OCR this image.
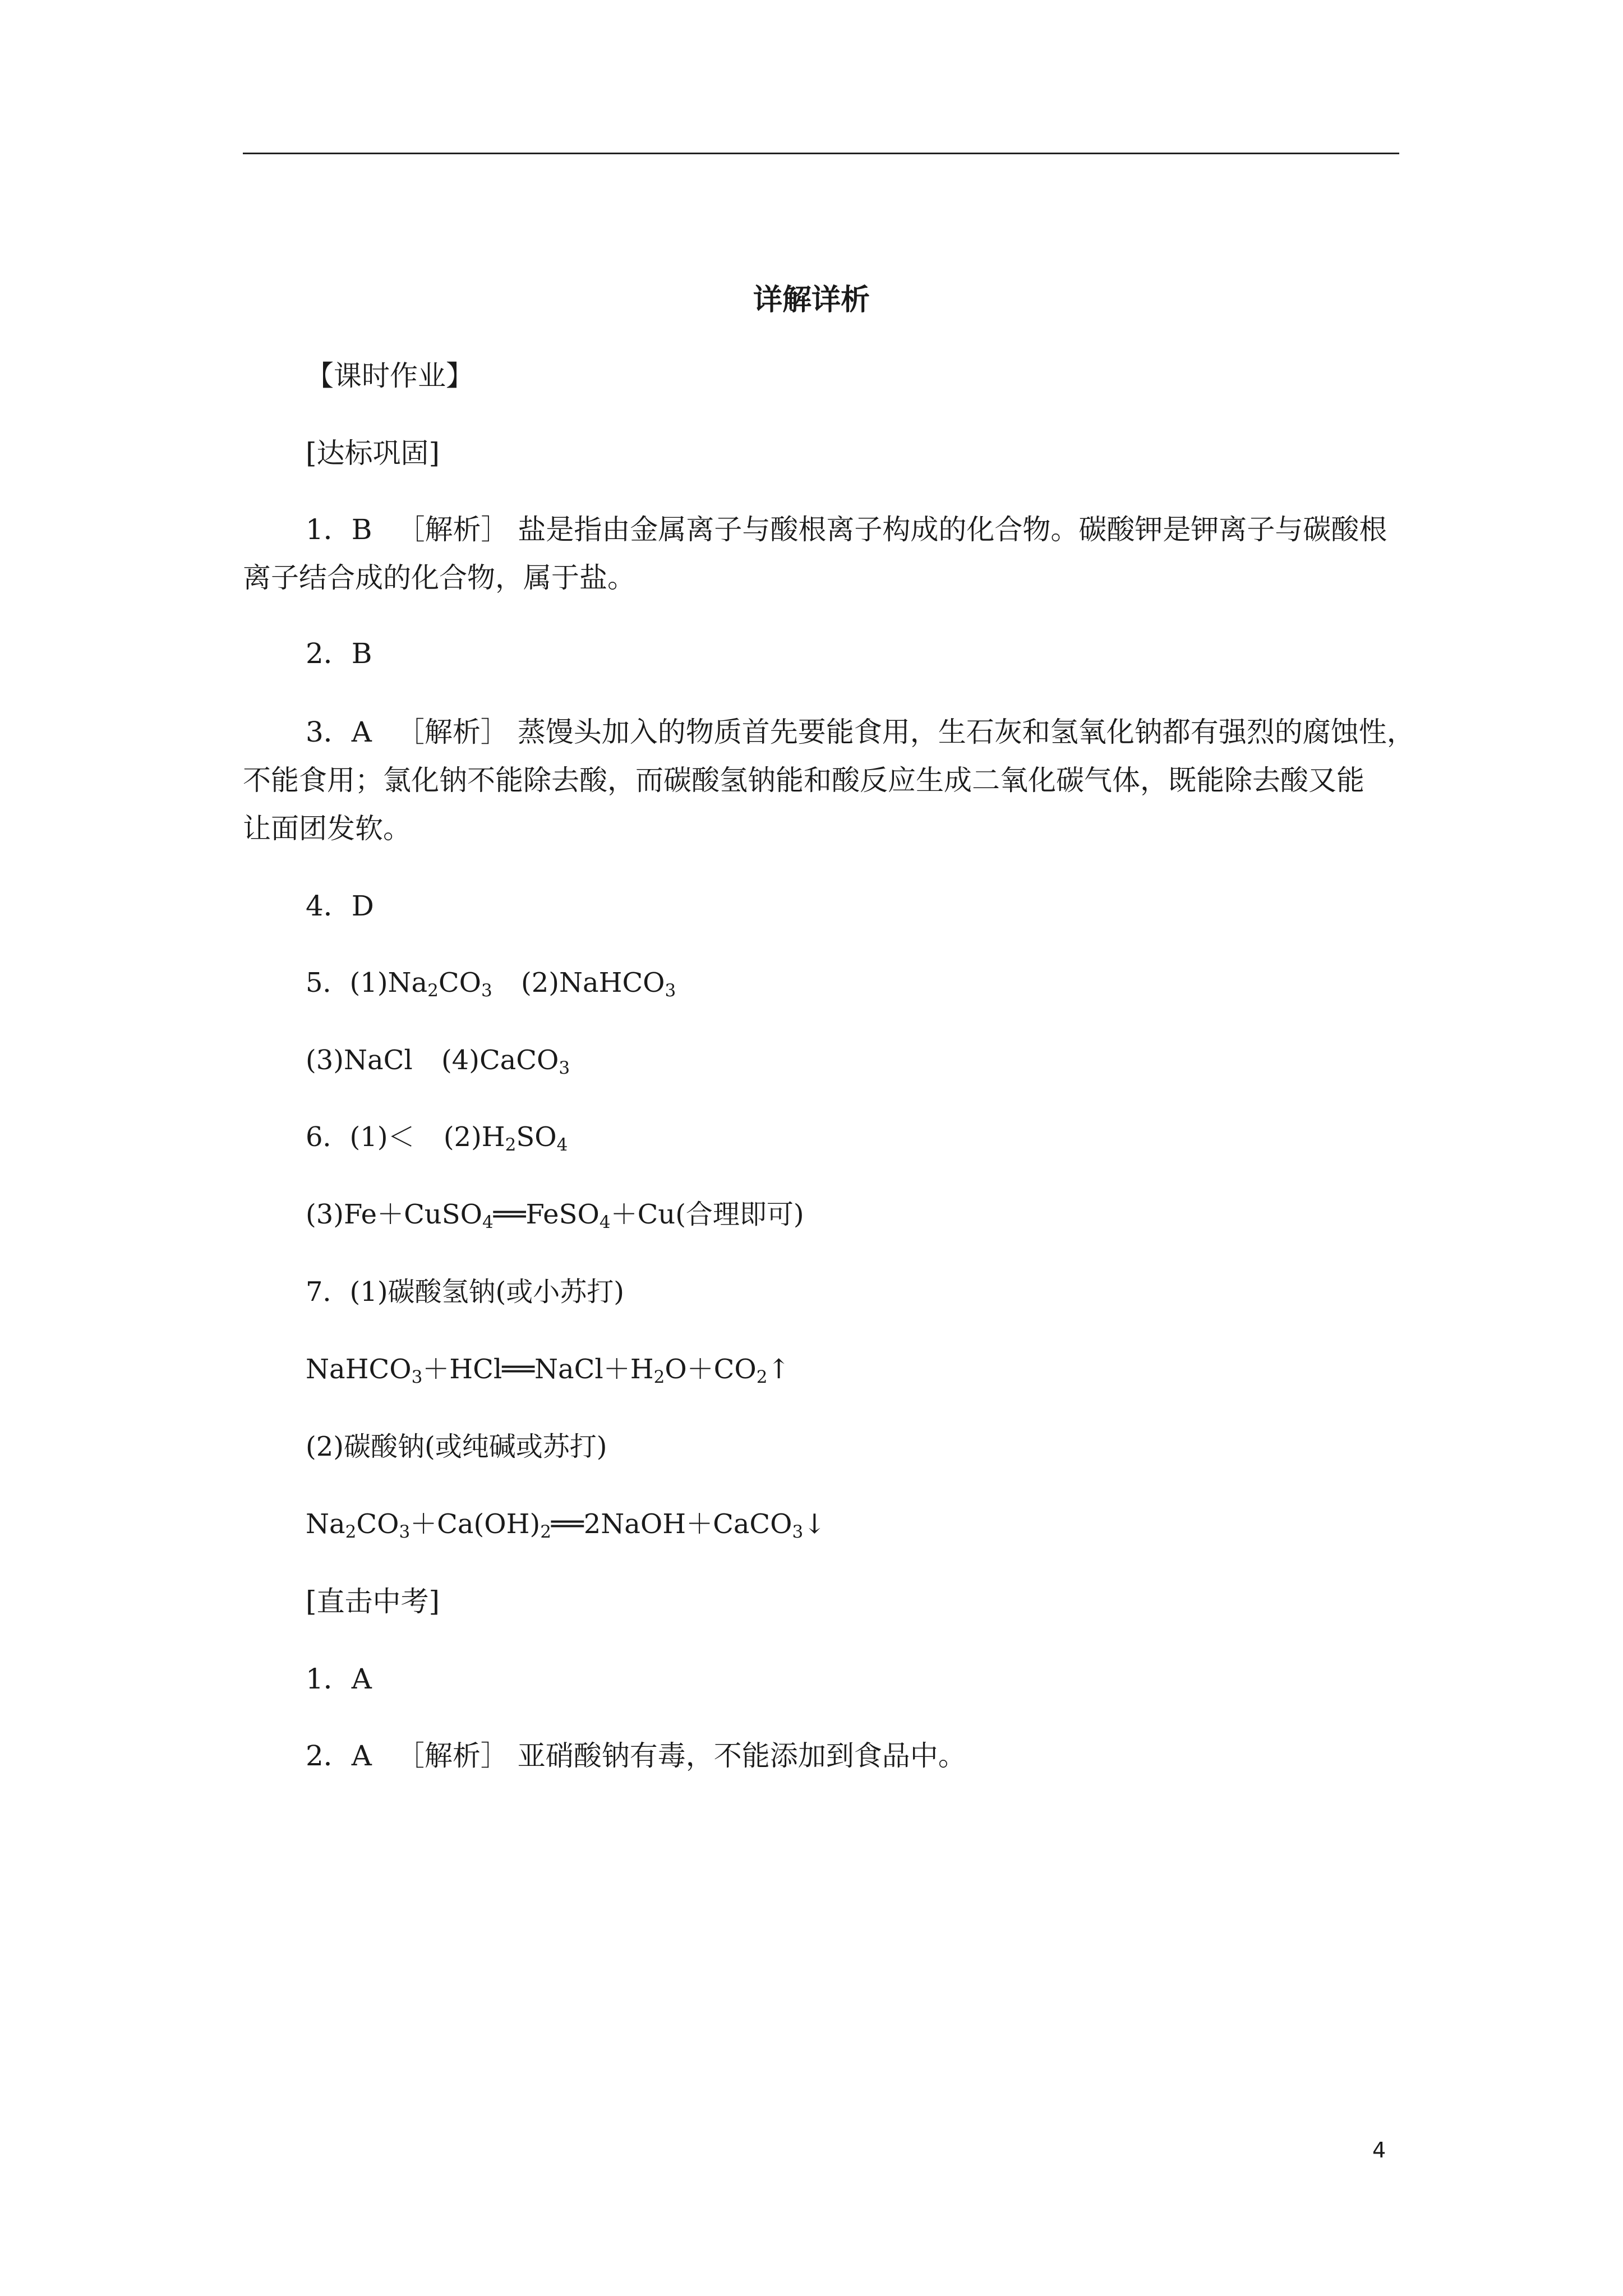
详解详析
【课时作业】
[达标巩固]
1．B ［解析］ 盐是指由金属离子与酸根离子构成的化合物。碳酸钾是钾离子与碳酸根
离子结合成的化合物，属于盐。
2．B
3．A ［解析］ 蒸馒头加入的物质首先要能食用，生石灰和氢氧化钠都有强烈的腐蚀性，
不能食用；氯化钠不能除去酸，而碳酸氢钠能和酸反应生成二氧化碳气体，既能除去酸又能
让面团发软。
4．D
5．$(1)Na_2CO_3$ (2)NaHCO$_3$
(3)NaCl (4)CaCO$_3$
6．$(1)< (2)H_2SO_4$
(3)Fe＋CuSO$_4$══FeSO$_4$＋Cu(合理即可)
7．(1)碳酸氢钠(或小苏打)
$NaHCO_3+HCl══NaCl+H_2O+CO_2↑$
(2)碳酸钠(或纯碱或苏打)
$Na_2CO_3+Ca(OH)_2══2NaOH+CaCO_3↓$
[直击中考]
1．A
2．A ［解析］ 亚硝酸钠有毒，不能添加到食品中。
4
